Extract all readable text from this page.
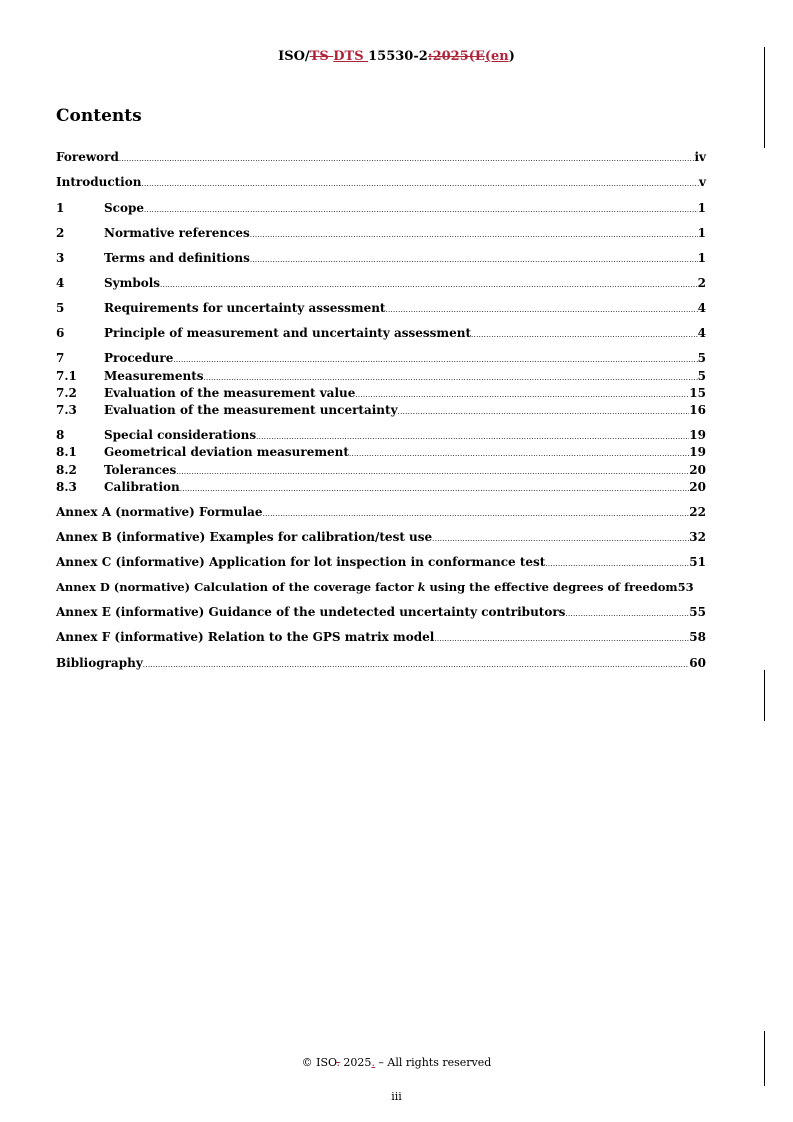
ISO/TS DTS 15530-2:2025(E(en)
Contents
Foreword .....	iv
Introduction .....	v
1	Scope .....	1
2	Normative references .....	1
3	Terms and definitions .....	1
4	Symbols .....	2
5	Requirements for uncertainty assessment .....	4
6	Principle of measurement and uncertainty assessment .....	4
7	Procedure .....	5
7.1	Measurements .....	5
7.2	Evaluation of the measurement value .....	15
7.3	Evaluation of the measurement uncertainty .....	16
8	Special considerations .....	19
8.1	Geometrical deviation measurement .....	19
8.2	Tolerances .....	20
8.3	Calibration .....	20
Annex A (normative) Formulae .....	22
Annex B (informative) Examples for calibration/test use .....	32
Annex C (informative) Application for lot inspection in conformance test .....	51
Annex D (normative) Calculation of the coverage factor k using the effective degrees of freedom 53
Annex E (informative) Guidance of the undetected uncertainty contributors .....	55
Annex F (informative) Relation to the GPS matrix model .....	58
Bibliography .....	60
© ISO. 2025. – All rights reserved
iii
